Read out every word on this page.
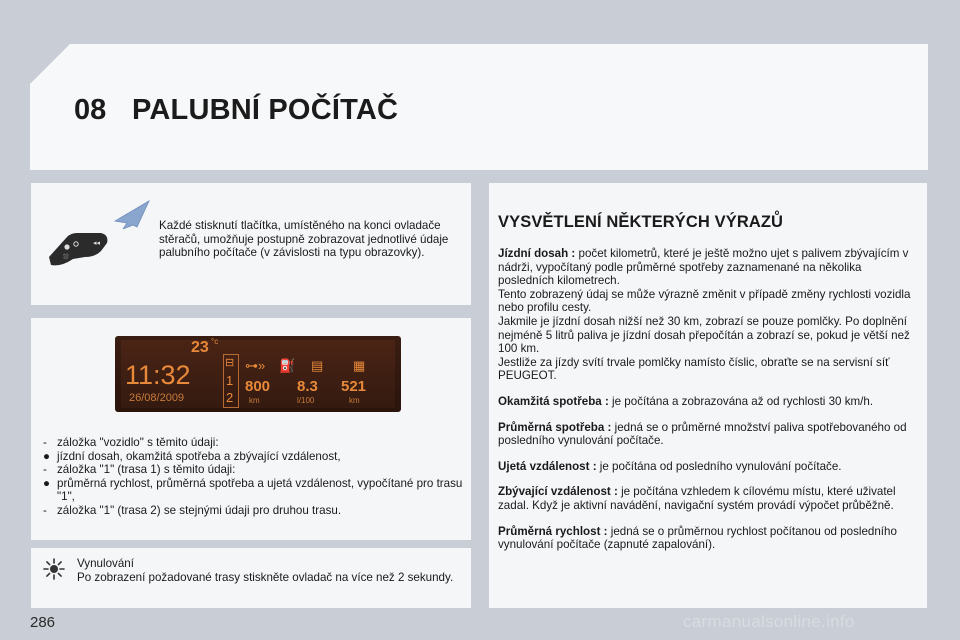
08 PALUBNÍ POČÍTAČ
⛆
◂◂
Každé stisknutí tlačítka, umístěného na konci ovladače stěračů, umožňuje postupně zobrazovat jednotlivé údaje palubního počítače (v závislosti na typu obrazovky).
23 °c
11:32
26/08/2009
⊟
1
2
⊶» ⛽ ▤ ▦
800
km
8.3
l/100
521
km
- záložka "vozidlo" s těmito údaji:
● jízdní dosah, okamžitá spotřeba a zbývající vzdálenost,
- záložka "1" (trasa 1) s těmito údaji:
● průměrná rychlost, průměrná spotřeba a ujetá vzdálenost, vypočítané pro trasu "1",
- záložka "1" (trasa 2) se stejnými údaji pro druhou trasu.
Vynulování
Po zobrazení požadované trasy stiskněte ovladač na více než 2 sekundy.
VYSVĚTLENÍ NĚKTERÝCH VÝRAZŮ
Jízdní dosah : počet kilometrů, které je ještě možno ujet s palivem zbývajícím v nádrži, vypočítaný podle průměrné spotřeby zaznamenané na několika posledních kilometrech.
Tento zobrazený údaj se může výrazně změnit v případě změny rychlosti vozidla nebo profilu cesty.
Jakmile je jízdní dosah nižší než 30 km, zobrazí se pouze pomlčky. Po doplnění nejméně 5 litrů paliva je jízdní dosah přepočítán a zobrazí se, pokud je větší než 100 km.
Jestliže za jízdy svítí trvale pomlčky namísto číslic, obraťte se na servisní síť PEUGEOT.
Okamžitá spotřeba : je počítána a zobrazována až od rychlosti 30 km/h.
Průměrná spotřeba : jedná se o průměrné množství paliva spotřebovaného od posledního vynulování počítače.
Ujetá vzdálenost : je počítána od posledního vynulování počítače.
Zbývající vzdálenost : je počítána vzhledem k cílovému místu, které uživatel zadal. Když je aktivní navádění, navigační systém provádí výpočet průběžně.
Průměrná rychlost : jedná se o průměrnou rychlost počítanou od posledního vynulování počítače (zapnuté zapalování).
286	carmanualsonline.info
